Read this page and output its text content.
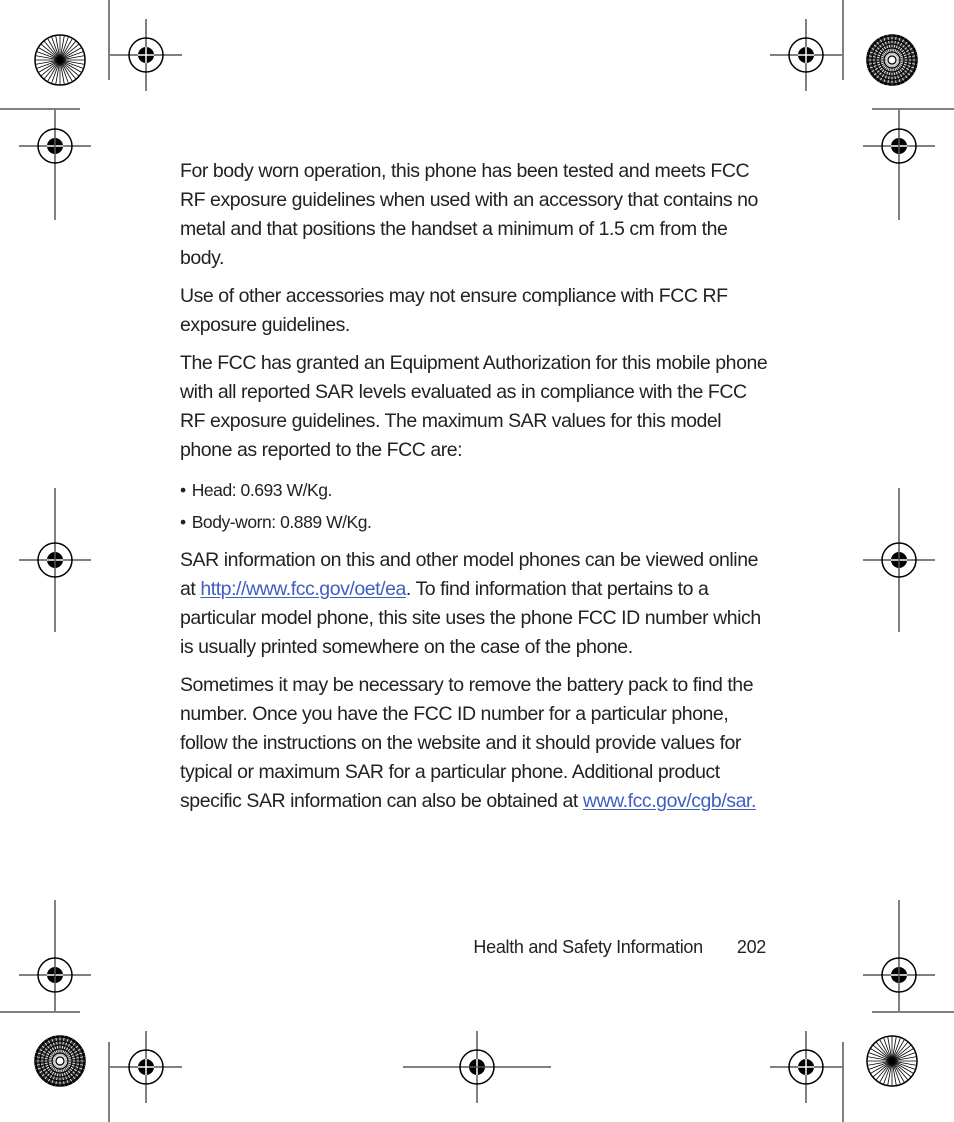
For body worn operation, this phone has been tested and meets FCC RF exposure guidelines when used with an accessory that contains no metal and that positions the handset a minimum of 1.5 cm from the body.

Use of other accessories may not ensure compliance with FCC RF exposure guidelines.

The FCC has granted an Equipment Authorization for this mobile phone with all reported SAR levels evaluated as in compliance with the FCC RF exposure guidelines. The maximum SAR values for this model phone as reported to the FCC are:

• Head: 0.693 W/Kg.
• Body-worn: 0.889 W/Kg.

SAR information on this and other model phones can be viewed online at http://www.fcc.gov/oet/ea. To find information that pertains to a particular model phone, this site uses the phone FCC ID number which is usually printed somewhere on the case of the phone.

Sometimes it may be necessary to remove the battery pack to find the number. Once you have the FCC ID number for a particular phone, follow the instructions on the website and it should provide values for typical or maximum SAR for a particular phone. Additional product specific SAR information can also be obtained at www.fcc.gov/cgb/sar.

Health and Safety Information 202
